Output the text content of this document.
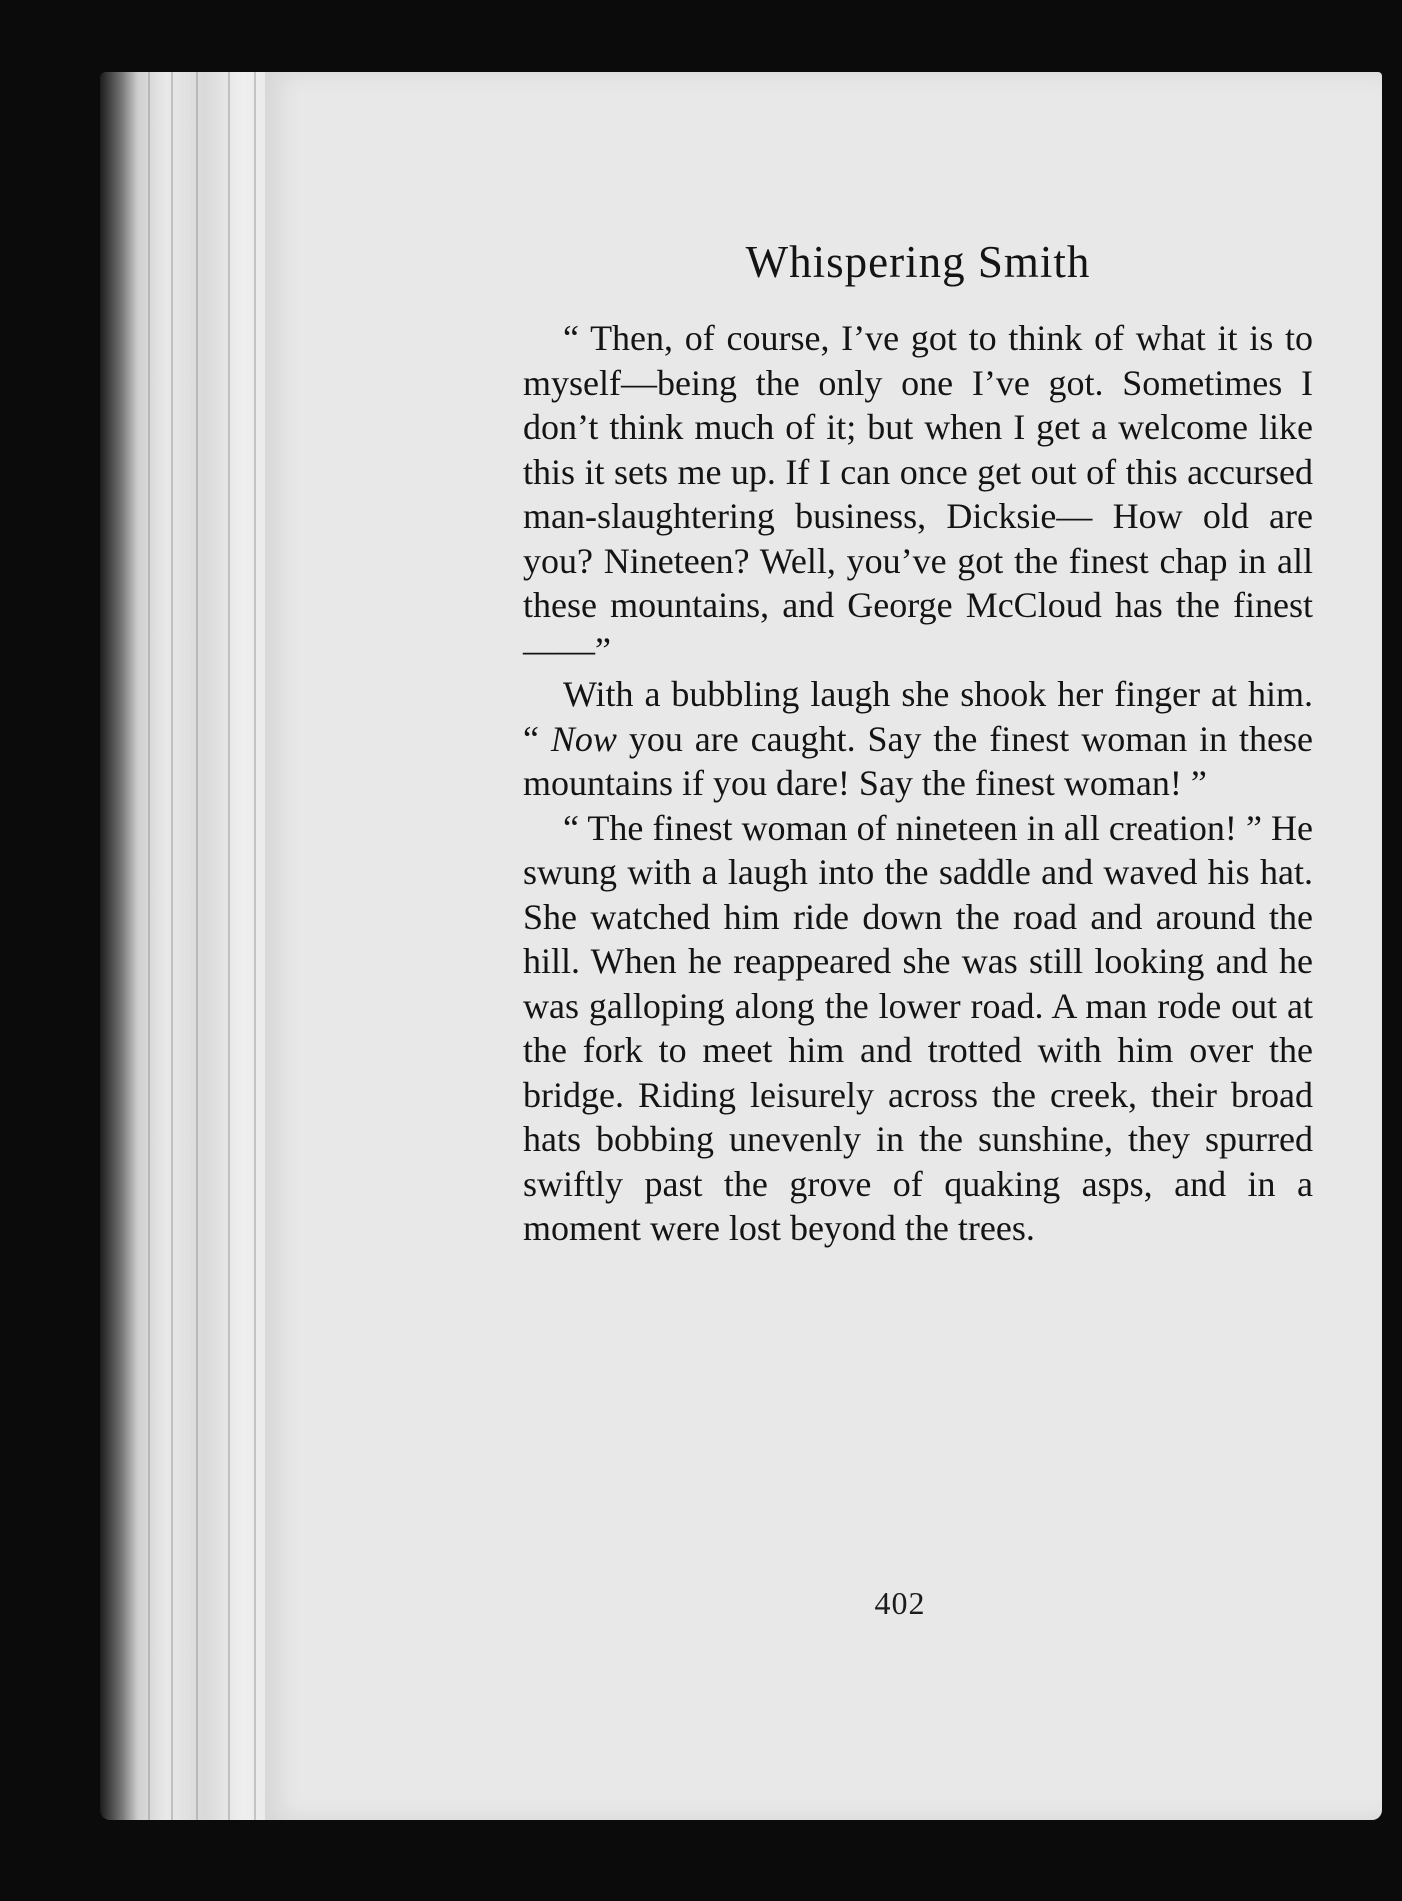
Whispering Smith

“ Then, of course, I’ve got to think of what it is to myself—being the only one I’ve got. Sometimes I don’t think much of it; but when I get a welcome like this it sets me up. If I can once get out of this accursed man-slaughtering business, Dicksie— How old are you? Nineteen? Well, you’ve got the finest chap in all these mountains, and George McCloud has the finest——”

With a bubbling laugh she shook her finger at him. “ Now you are caught. Say the finest woman in these mountains if you dare! Say the finest woman! ”

“ The finest woman of nineteen in all creation! ” He swung with a laugh into the saddle and waved his hat. She watched him ride down the road and around the hill. When he reappeared she was still looking and he was galloping along the lower road. A man rode out at the fork to meet him and trotted with him over the bridge. Riding leisurely across the creek, their broad hats bobbing unevenly in the sunshine, they spurred swiftly past the grove of quaking asps, and in a moment were lost beyond the trees.

402
